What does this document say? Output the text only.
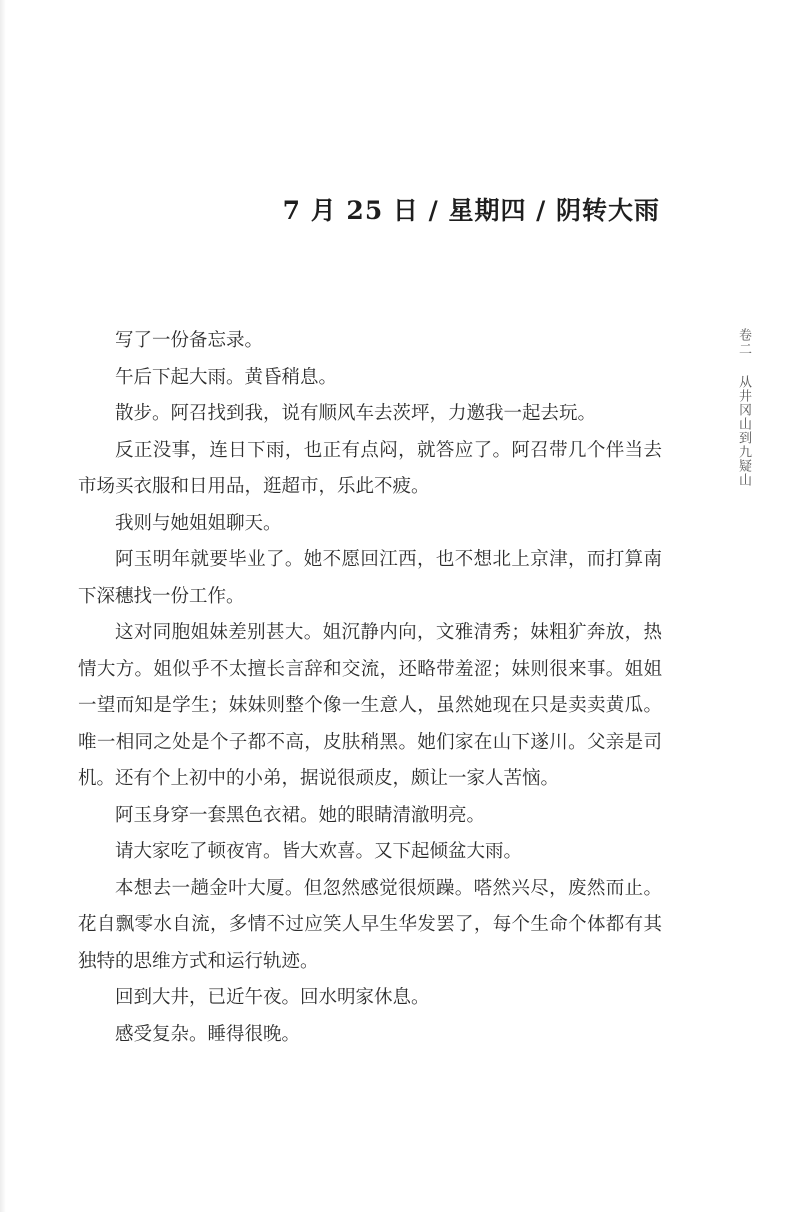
7 月 25 日 / 星期四 / 阴转大雨
卷二 从井冈山到九疑山

写了一份备忘录。

午后下起大雨。黄昏稍息。

散步。阿召找到我，说有顺风车去茨坪，力邀我一起去玩。

反正没事，连日下雨，也正有点闷，就答应了。阿召带几个伴当去市场买衣服和日用品，逛超市，乐此不疲。

我则与她姐姐聊天。

阿玉明年就要毕业了。她不愿回江西，也不想北上京津，而打算南下深穗找一份工作。

这对同胞姐妹差别甚大。姐沉静内向，文雅清秀；妹粗犷奔放，热情大方。姐似乎不太擅长言辞和交流，还略带羞涩；妹则很来事。姐姐一望而知是学生；妹妹则整个像一生意人，虽然她现在只是卖卖黄瓜。唯一相同之处是个子都不高，皮肤稍黑。她们家在山下遂川。父亲是司机。还有个上初中的小弟，据说很顽皮，颇让一家人苦恼。

阿玉身穿一套黑色衣裙。她的眼睛清澈明亮。

请大家吃了顿夜宵。皆大欢喜。又下起倾盆大雨。

本想去一趟金叶大厦。但忽然感觉很烦躁。嗒然兴尽，废然而止。花自飘零水自流，多情不过应笑人早生华发罢了，每个生命个体都有其独特的思维方式和运行轨迹。

回到大井，已近午夜。回水明家休息。

感受复杂。睡得很晚。
